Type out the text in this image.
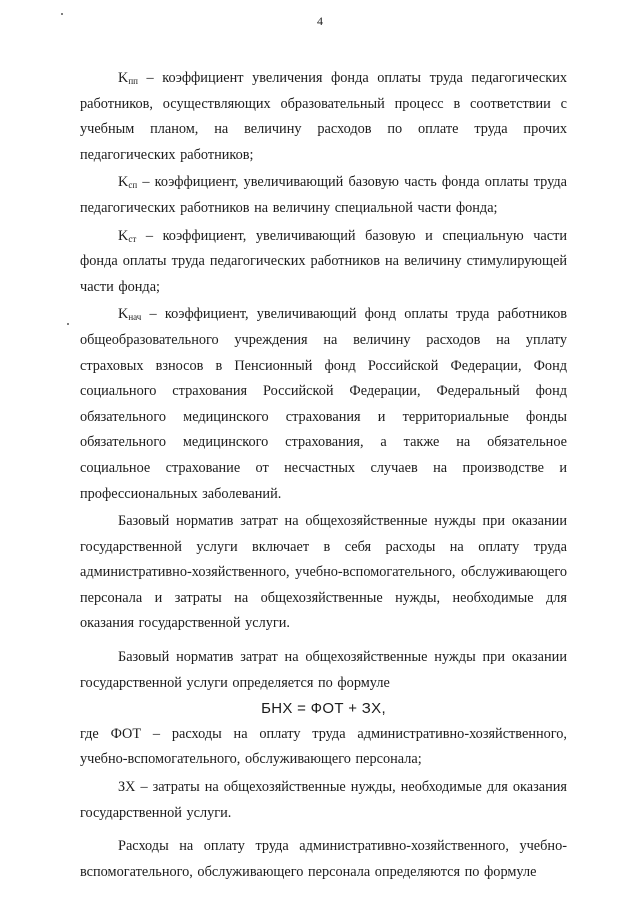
4

$K_{пп}$ – коэффициент увеличения фонда оплаты труда педагогических работников, осуществляющих образовательный процесс в соответствии с учебным планом, на величину расходов по оплате труда прочих педагогических работников;

$K_{сп}$ – коэффициент, увеличивающий базовую часть фонда оплаты труда педагогических работников на величину специальной части фонда;

$K_{ст}$ – коэффициент, увеличивающий базовую и специальную части фонда оплаты труда педагогических работников на величину стимулирующей части фонда;

$K_{нач}$ – коэффициент, увеличивающий фонд оплаты труда работников общеобразовательного учреждения на величину расходов на уплату страховых взносов в Пенсионный фонд Российской Федерации, Фонд социального страхования Российской Федерации, Федеральный фонд обязательного медицинского страхования и территориальные фонды обязательного медицинского страхования, а также на обязательное социальное страхование от несчастных случаев на производстве и профессиональных заболеваний.

Базовый норматив затрат на общехозяйственные нужды при оказании государственной услуги включает в себя расходы на оплату труда административно-хозяйственного, учебно-вспомогательного, обслуживающего персонала и затраты на общехозяйственные нужды, необходимые для оказания государственной услуги.

Базовый норматив затрат на общехозяйственные нужды при оказании государственной услуги определяется по формуле

БНХ = ФОТ + ЗХ,

где ФОТ – расходы на оплату труда административно-хозяйственного, учебно-вспомогательного, обслуживающего персонала;

ЗХ – затраты на общехозяйственные нужды, необходимые для оказания государственной услуги.

Расходы на оплату труда административно-хозяйственного, учебно-вспомогательного, обслуживающего персонала определяются по формуле
